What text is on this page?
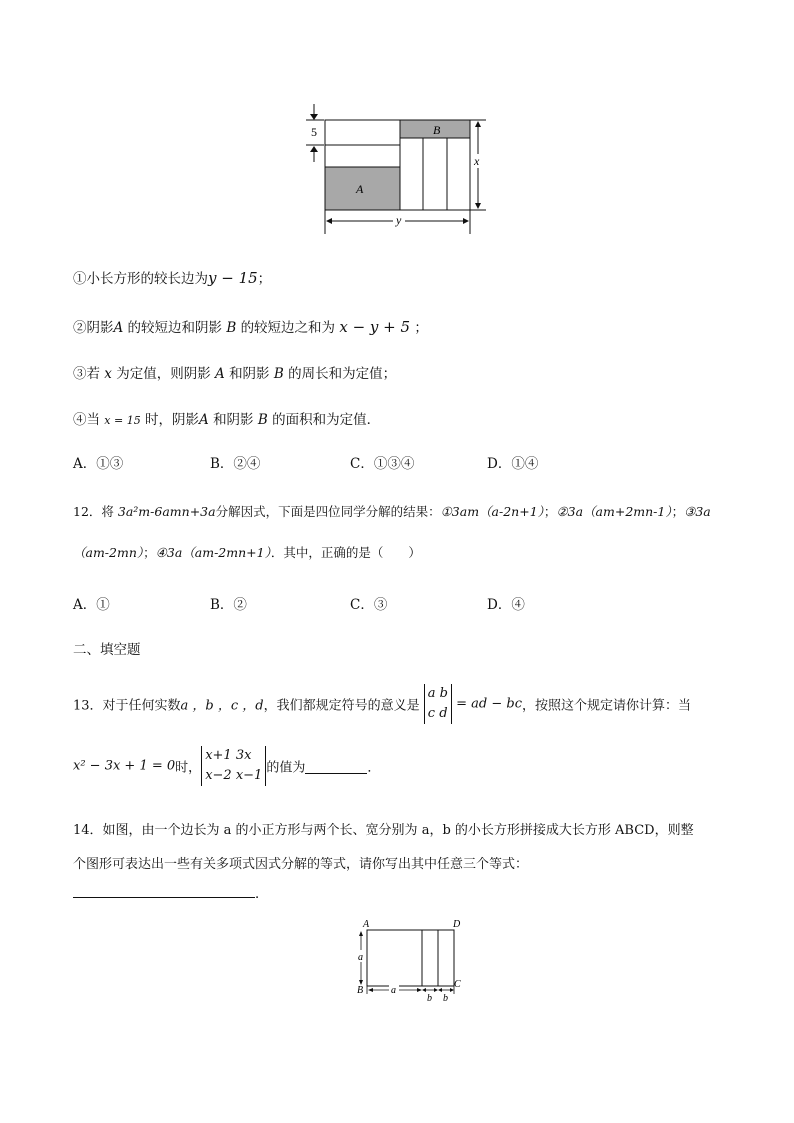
5
A
B
x
y
①小长方形的较长边为y − 15；
②阴影A 的较短边和阴影 B 的较短边之和为 x − y + 5 ；
③若 x 为定值，则阴影 A 和阴影 B 的周长和为定值；
④当 x = 15 时，阴影A 和阴影 B 的面积和为定值．
A．①③	B．②④	C．①③④	D．①④
12．将 3a²m-6amn+3a分解因式，下面是四位同学分解的结果：①3am（a-2n+1）；②3a（am+2mn-1）；③3a
（am-2mn）；④3a（am-2mn+1）．其中，正确的是（　　）
A．①	B．②	C．③	D．④
二、填空题
13．对于任何实数a ，b ，c ，d，我们都规定符号的意义是
a b
c d
= ad − bc，按照这个规定请你计算：当
x² − 3x + 1 = 0时，
x+1 3x
x−2 x−1 的值为	．
14．如图，由一个边长为 a 的小正方形与两个长、宽分别为 a，b 的小长方形拼接成大长方形 ABCD，则整
个图形可表达出一些有关多项式因式分解的等式，请你写出其中任意三个等式：
．
A	D
B
C
a
a
b b
